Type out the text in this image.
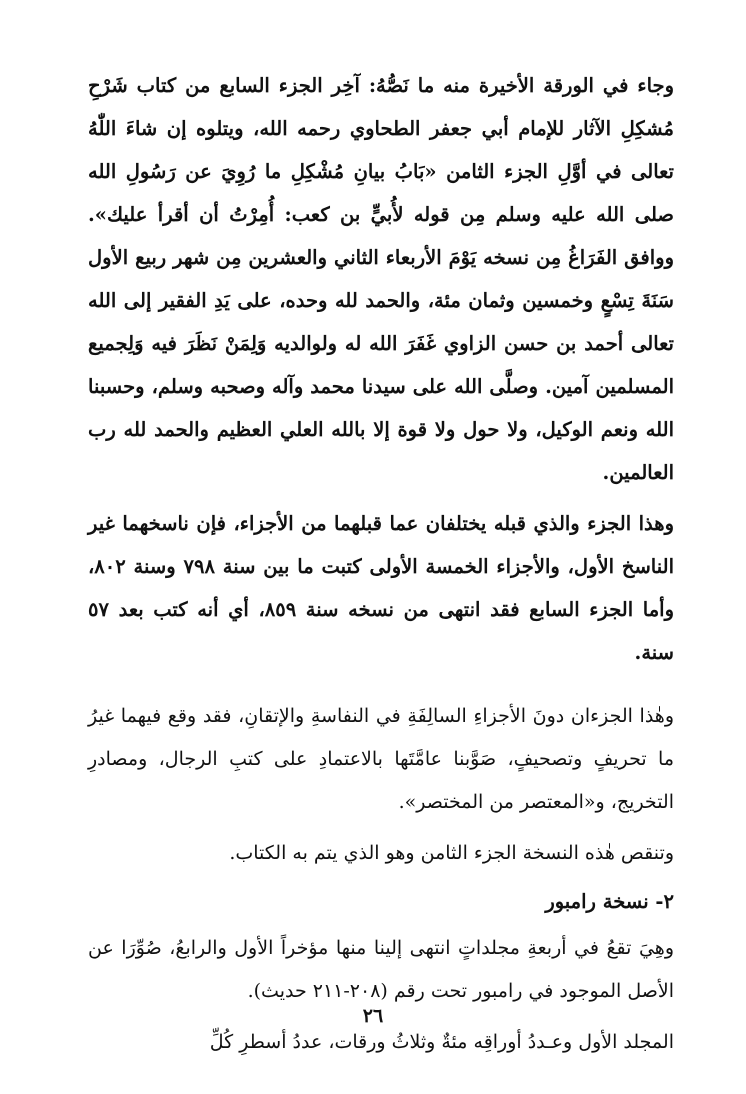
وجاء في الورقة الأخيرة منه ما نَصُّهُ: آخِر الجزء السابع من كتاب شَرْحِ مُشكِلِ الآثار للإمام أبي جعفر الطحاوي رحمه الله، ويتلوه إن شاءَ اللّٰهُ تعالى في أوَّلِ الجزء الثامن «بَابُ بيانِ مُشْكِلِ ما رُوِيَ عن رَسُولِ الله صلى الله عليه وسلم مِن قوله لأُبيٍّ بن كعب: أُمِرْتُ أن أقرأ عليك». ووافق الفَرَاغُ مِن نسخه يَوْمَ الأربعاء الثاني والعشرين مِن شهر ربيع الأول سَنَةَ تِسْعٍ وخمسين وثمان مئة، والحمد لله وحده، على يَدِ الفقير إلى الله تعالى أحمد بن حسن الزاوي غَفَرَ الله له ولوالديه وَلِمَنْ نَظَرَ فيه وَلِجميع المسلمين آمين. وصلَّى الله على سيدنا محمد وآله وصحبه وسلم، وحسبنا الله ونعم الوكيل، ولا حول ولا قوة إلا بالله العلي العظيم والحمد لله رب العالمين.

وهذا الجزء والذي قبله يختلفان عما قبلهما من الأجزاء، فإن ناسخهما غير الناسخ الأول، والأجزاء الخمسة الأولى كتبت ما بين سنة ٧٩٨ وسنة ٨٠٢، وأما الجزء السابع فقد انتهى من نسخه سنة ٨٥٩، أي أنه كتب بعد ٥٧ سنة.

وهٰذا الجزءان دونَ الأجزاءِ السالِفَةِ في النفاسةِ والإتقانِ، فقد وقع فيهما غيرُ ما تحريفٍ وتصحيفٍ، صَوَّبنا عامَّتَها بالاعتمادِ على كتبِ الرجال، ومصادرِ التخريج، و«المعتصر من المختصر».

وتنقص هٰذه النسخة الجزء الثامن وهو الذي يتم به الكتاب.

٢- نسخة رامبور

وهِيَ تقعُ في أربعةِ مجلداتٍ انتهى إلينا منها مؤخراً الأول والرابعُ، صُوِّرَا عن الأصل الموجود في رامبور تحت رقم (٢٠٨-٢١١ حديث).

المجلد الأول وعـددُ أوراقِه مئةٌ وثلاثُ ورقات، عددُ أسطرِ كُلِّ

٢٦
